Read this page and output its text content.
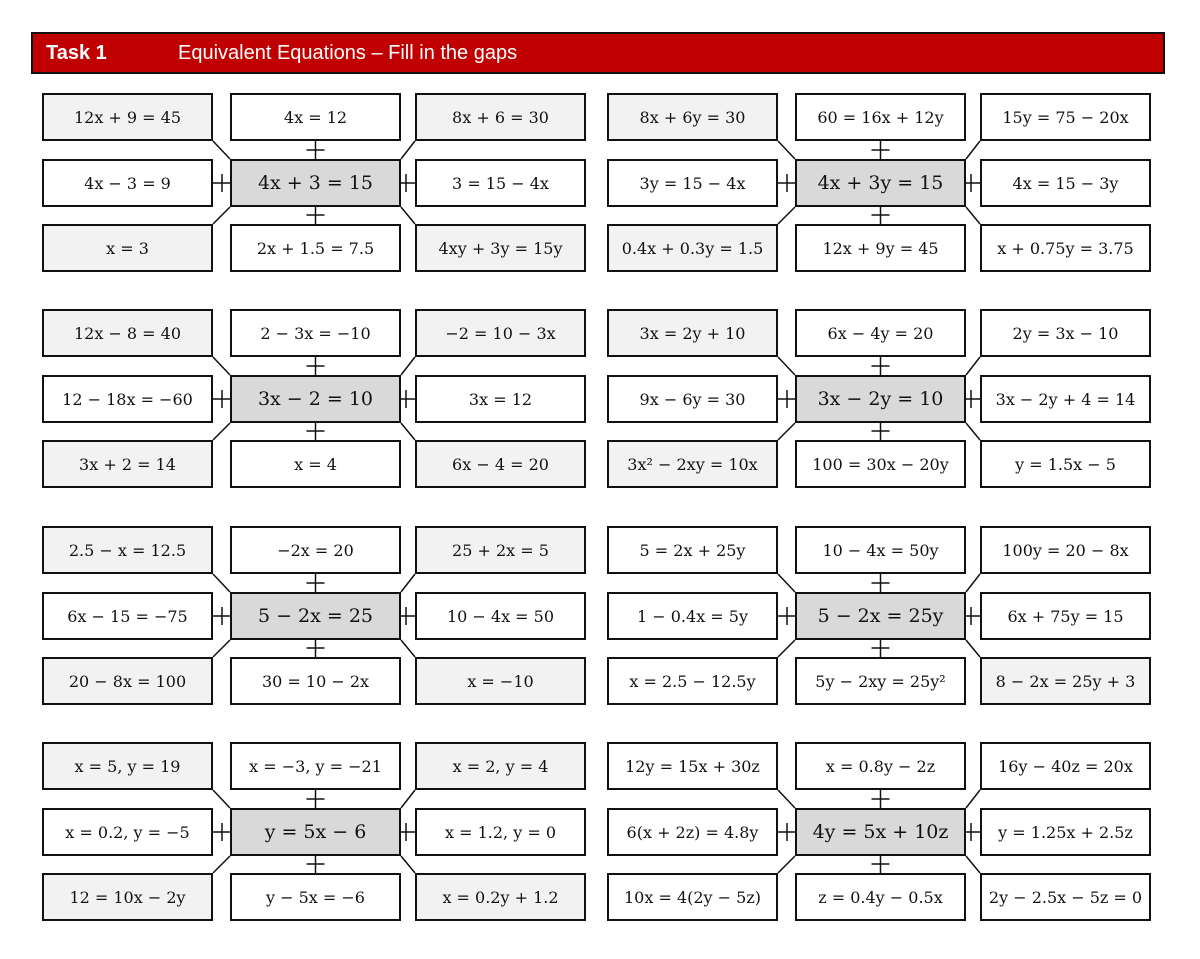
Task 1	Equivalent Equations – Fill in the gaps
4x + 3 = 15
12x + 9 = 45	4x = 12	8x + 6 = 30
4x − 3 = 9	3 = 15 − 4x
x = 3	2x + 1.5 = 7.5	4xy + 3y = 15y
4x + 3y = 15
8x + 6y = 30	60 = 16x + 12y	15y = 75 − 20x
3y = 15 − 4x	4x = 15 − 3y
0.4x + 0.3y = 1.5	12x + 9y = 45	x + 0.75y = 3.75
3x − 2 = 10
12x − 8 = 40	2 − 3x = −10	−2 = 10 − 3x
12 − 18x = −60	3x = 12
3x + 2 = 14	x = 4	6x − 4 = 20
3x − 2y = 10
3x = 2y + 10	6x − 4y = 20	2y = 3x − 10
9x − 6y = 30	3x − 2y + 4 = 14
3x² − 2xy = 10x	100 = 30x − 20y	y = 1.5x − 5
5 − 2x = 25
2.5 − x = 12.5	−2x = 20	25 + 2x = 5
6x − 15 = −75	10 − 4x = 50
20 − 8x = 100	30 = 10 − 2x	x = −10
5 − 2x = 25y
5 = 2x + 25y	10 − 4x = 50y	100y = 20 − 8x
1 − 0.4x = 5y	6x + 75y = 15
x = 2.5 − 12.5y	5y − 2xy = 25y²	8 − 2x = 25y + 3
y = 5x − 6
x = 5, y = 19	x = −3, y = −21	x = 2, y = 4
x = 0.2, y = −5	x = 1.2, y = 0
12 = 10x − 2y	y − 5x = −6	x = 0.2y + 1.2
4y = 5x + 10z
12y = 15x + 30z	x = 0.8y − 2z	16y − 40z = 20x
6(x + 2z) = 4.8y	y = 1.25x + 2.5z
10x = 4(2y − 5z)	z = 0.4y − 0.5x	2y − 2.5x − 5z = 0
